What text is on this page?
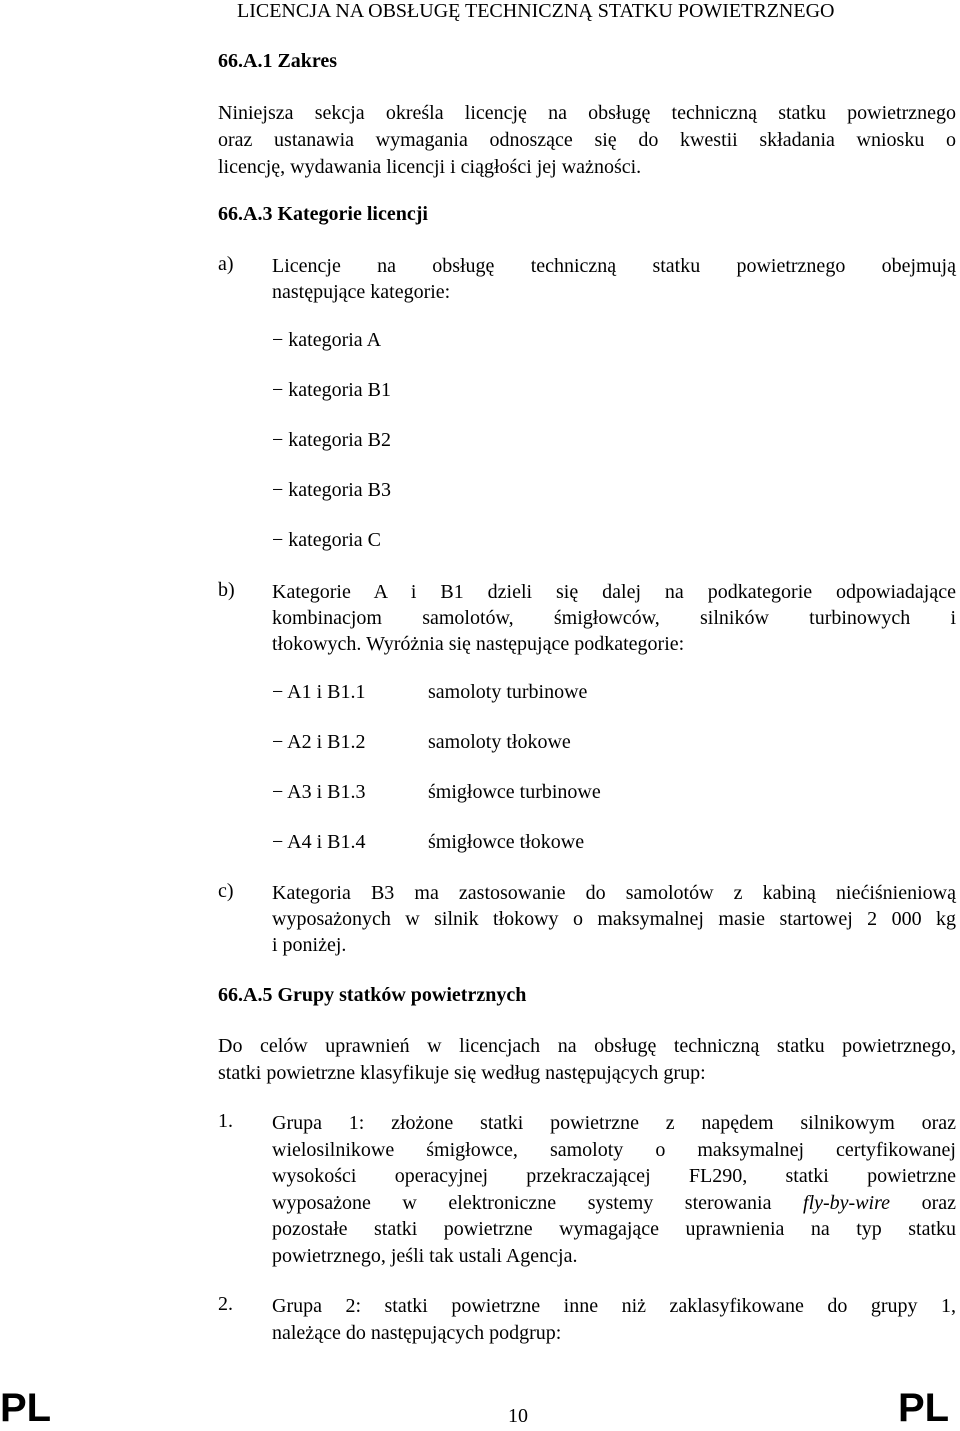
LICENCJA NA OBSŁUGĘ TECHNICZNĄ STATKU POWIETRZNEGO
66.A.1 Zakres
Niniejsza sekcja określa licencję na obsługę techniczną statku powietrznego
oraz ustanawia wymagania odnoszące się do kwestii składania wniosku o
licencję, wydawania licencji i ciągłości jej ważności.
66.A.3 Kategorie licencji
a) Licencje na obsługę techniczną statku powietrznego obejmują
następujące kategorie:
− kategoria A
− kategoria B1
− kategoria B2
− kategoria B3
− kategoria C
b) Kategorie A i B1 dzieli się dalej na podkategorie odpowiadające
kombinacjom samolotów, śmigłowców, silników turbinowych i
tłokowych. Wyróżnia się następujące podkategorie:
− A1 i B1.1	samoloty turbinowe
− A2 i B1.2	samoloty tłokowe
− A3 i B1.3	śmigłowce turbinowe
− A4 i B1.4	śmigłowce tłokowe
c) Kategoria B3 ma zastosowanie do samolotów z kabiną niećiśnieniową
wyposażonych w silnik tłokowy o maksymalnej masie startowej 2 000 kg
i poniżej.
66.A.5 Grupy statków powietrznych
Do celów uprawnień w licencjach na obsługę techniczną statku powietrznego,
statki powietrzne klasyfikuje się według następujących grup:
1. Grupa 1: złożone statki powietrzne z napędem silnikowym oraz
wielosilnikowe śmigłowce, samoloty o maksymalnej certyfikowanej
wysokości operacyjnej przekraczającej FL290, statki powietrzne
wyposażone w elektroniczne systemy sterowania fly-by-wire oraz
pozostałe statki powietrzne wymagające uprawnienia na typ statku
powietrznego, jeśli tak ustali Agencja.
2. Grupa 2: statki powietrzne inne niż zaklasyfikowane do grupy 1,
należące do następujących podgrup:
PL	10	PL
